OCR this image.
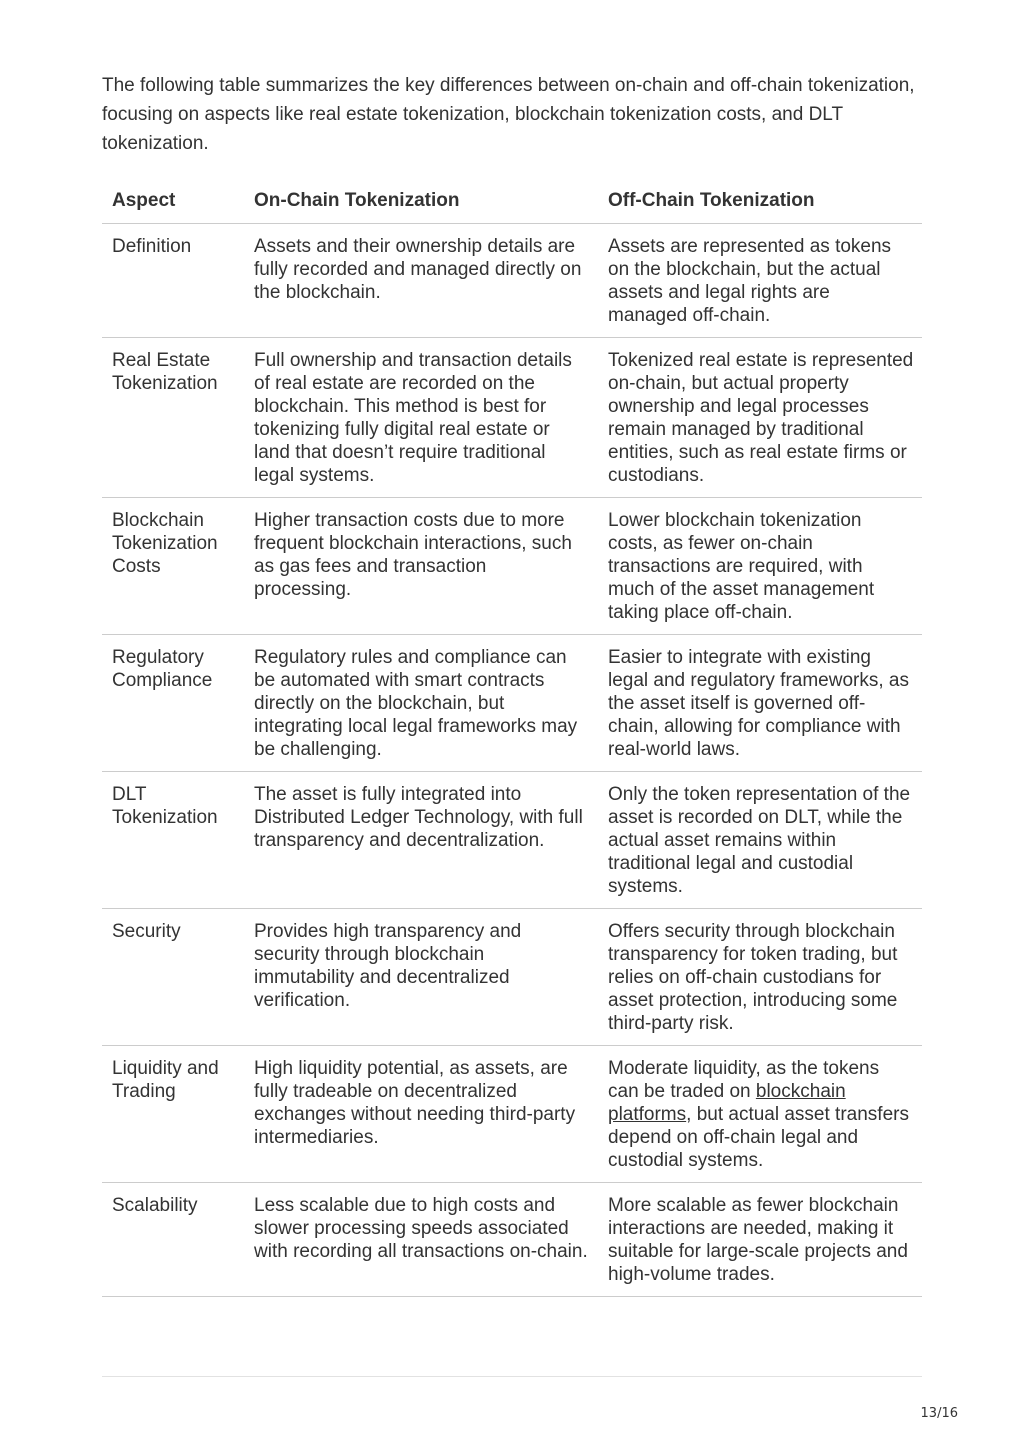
The following table summarizes the key differences between on-chain and off-chain tokenization, focusing on aspects like real estate tokenization, blockchain tokenization costs, and DLT tokenization.

Aspect	On-Chain Tokenization	Off-Chain Tokenization
Definition	Assets and their ownership details are fully recorded and managed directly on the blockchain.	Assets are represented as tokens on the blockchain, but the actual assets and legal rights are managed off-chain.
Real Estate Tokenization	Full ownership and transaction details of real estate are recorded on the blockchain. This method is best for tokenizing fully digital real estate or land that doesn’t require traditional legal systems.	Tokenized real estate is represented on-chain, but actual property ownership and legal processes remain managed by traditional entities, such as real estate firms or custodians.
Blockchain Tokenization Costs	Higher transaction costs due to more frequent blockchain interactions, such as gas fees and transaction processing.	Lower blockchain tokenization costs, as fewer on-chain transactions are required, with much of the asset management taking place off-chain.
Regulatory Compliance	Regulatory rules and compliance can be automated with smart contracts directly on the blockchain, but integrating local legal frameworks may be challenging.	Easier to integrate with existing legal and regulatory frameworks, as the asset itself is governed off-chain, allowing for compliance with real-world laws.
DLT Tokenization	The asset is fully integrated into Distributed Ledger Technology, with full transparency and decentralization.	Only the token representation of the asset is recorded on DLT, while the actual asset remains within traditional legal and custodial systems.
Security	Provides high transparency and security through blockchain immutability and decentralized verification.	Offers security through blockchain transparency for token trading, but relies on off-chain custodians for asset protection, introducing some third-party risk.
Liquidity and Trading	High liquidity potential, as assets, are fully tradeable on decentralized exchanges without needing third-party intermediaries.	Moderate liquidity, as the tokens can be traded on blockchain platforms, but actual asset transfers depend on off-chain legal and custodial systems.
Scalability	Less scalable due to high costs and slower processing speeds associated with recording all transactions on-chain.	More scalable as fewer blockchain interactions are needed, making it suitable for large-scale projects and high-volume trades.
13/16
